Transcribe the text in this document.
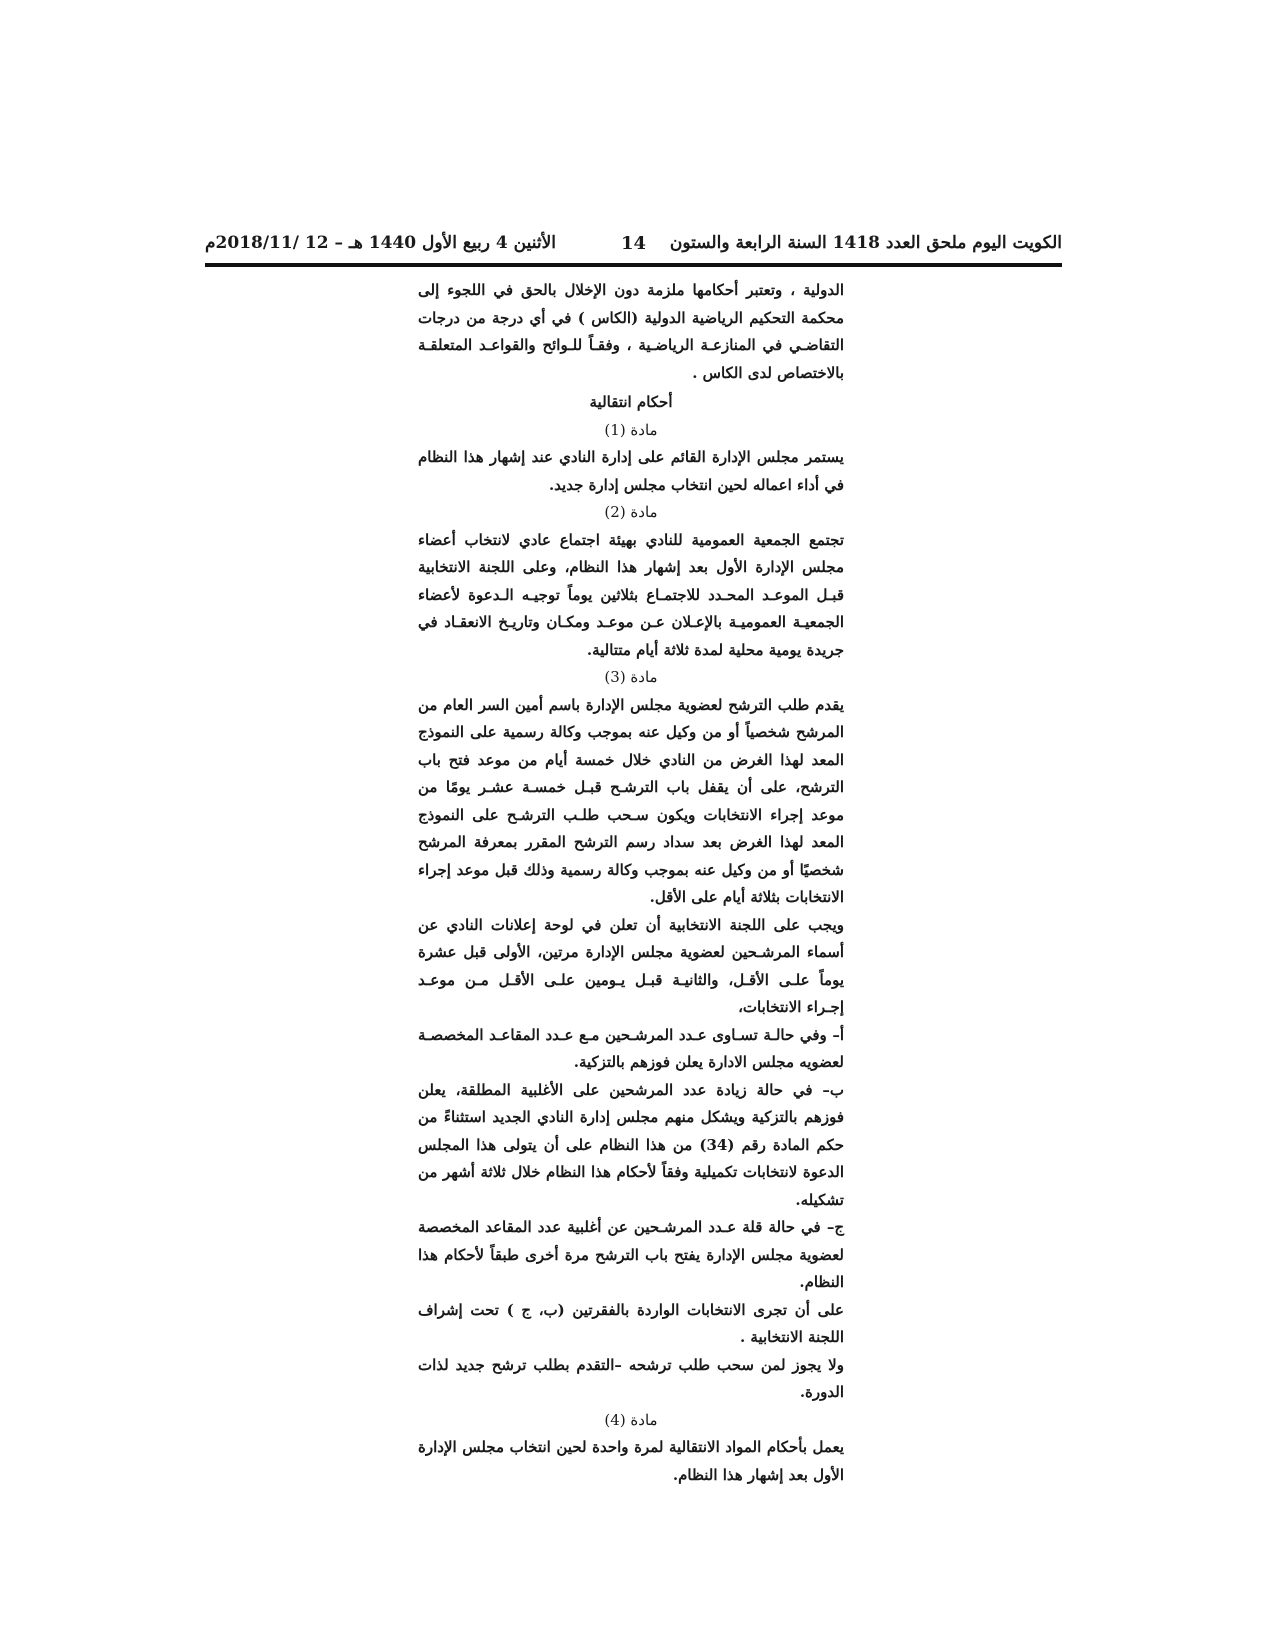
الكويت اليوم ملحق العدد 1418 السنة الرابعة والستون
14
الأثنين 4 ربيع الأول 1440 هـ – 12 /2018/11م

الدولية ، وتعتبر أحكامها ملزمة دون الإخلال بالحق في اللجوء إلى محكمة التحكيم الرياضية الدولية (الكاس ) في أي درجة من درجات التقاضـي في المنازعـة الرياضـية ، وفقـاً للـوائح والقواعـد المتعلقـة بالاختصاص لدى الكاس .

أحكام انتقالية

مادة (1)

يستمر مجلس الإدارة القائم على إدارة النادي عند إشهار هذا النظام في أداء اعماله لحين انتخاب مجلس إدارة جديد.

مادة (2)

تجتمع الجمعية العمومية للنادي بهيئة اجتماع عادي لانتخاب أعضاء مجلس الإدارة الأول بعد إشهار هذا النظام، وعلى اللجنة الانتخابية قبـل الموعـد المحـدد للاجتمـاع بثلاثين يوماً توجيـه الـدعوة لأعضاء الجمعيـة العموميـة بالإعـلان عـن موعـد ومكـان وتاريـخ الانعقـاد في جريدة يومية محلية لمدة ثلاثة أيام متتالية.

مادة (3)

يقدم طلب الترشح لعضوية مجلس الإدارة باسم أمين السر العام من المرشح شخصياً أو من وكيل عنه بموجب وكالة رسمية على النموذج المعد لهذا الغرض من النادي خلال خمسة أيام من موعد فتح باب الترشح، على أن يقفل باب الترشـح قبـل خمسـة عشـر يومًا من موعد إجراء الانتخابات ويكون سـحب طلـب الترشـح على النموذج المعد لهذا الغرض بعد سداد رسم الترشح المقرر بمعرفة المرشح شخصيًا أو من وكيل عنه بموجب وكالة رسمية وذلك قبل موعد إجراء الانتخابات بثلاثة أيام على الأقل.

ويجب على اللجنة الانتخابية أن تعلن في لوحة إعلانات النادي عن أسماء المرشـحين لعضوية مجلس الإدارة مرتين، الأولى قبل عشرة يوماً علـى الأقـل، والثانيـة قبـل يـومين علـى الأقـل مـن موعـد إجـراء الانتخابات،

أ– وفي حالـة تسـاوى عـدد المرشـحين مـع عـدد المقاعـد المخصصـة لعضويه مجلس الادارة يعلن فوزهم بالتزكية.

ب– في حالة زيادة عدد المرشحين على الأغلبية المطلقة، يعلن فوزهم بالتزكية ويشكل منهم مجلس إدارة النادي الجديد استثناءً من حكم المادة رقم (34) من هذا النظام على أن يتولى هذا المجلس الدعوة لانتخابات تكميلية وفقاً لأحكام هذا النظام خلال ثلاثة أشهر من تشكيله.

ج– في حالة قلة عـدد المرشـحين عن أغلبية عدد المقاعد المخصصة لعضوية مجلس الإدارة يفتح باب الترشح مرة أخرى طبقاً لأحكام هذا النظام.

على أن تجرى الانتخابات الواردة بالفقرتين (ب، ج ) تحت إشراف اللجنة الانتخابية .

ولا يجوز لمن سحب طلب ترشحه –التقدم بطلب ترشح جديد لذات الدورة.

مادة (4)

يعمل بأحكام المواد الانتقالية لمرة واحدة لحين انتخاب مجلس الإدارة الأول بعد إشهار هذا النظام.
